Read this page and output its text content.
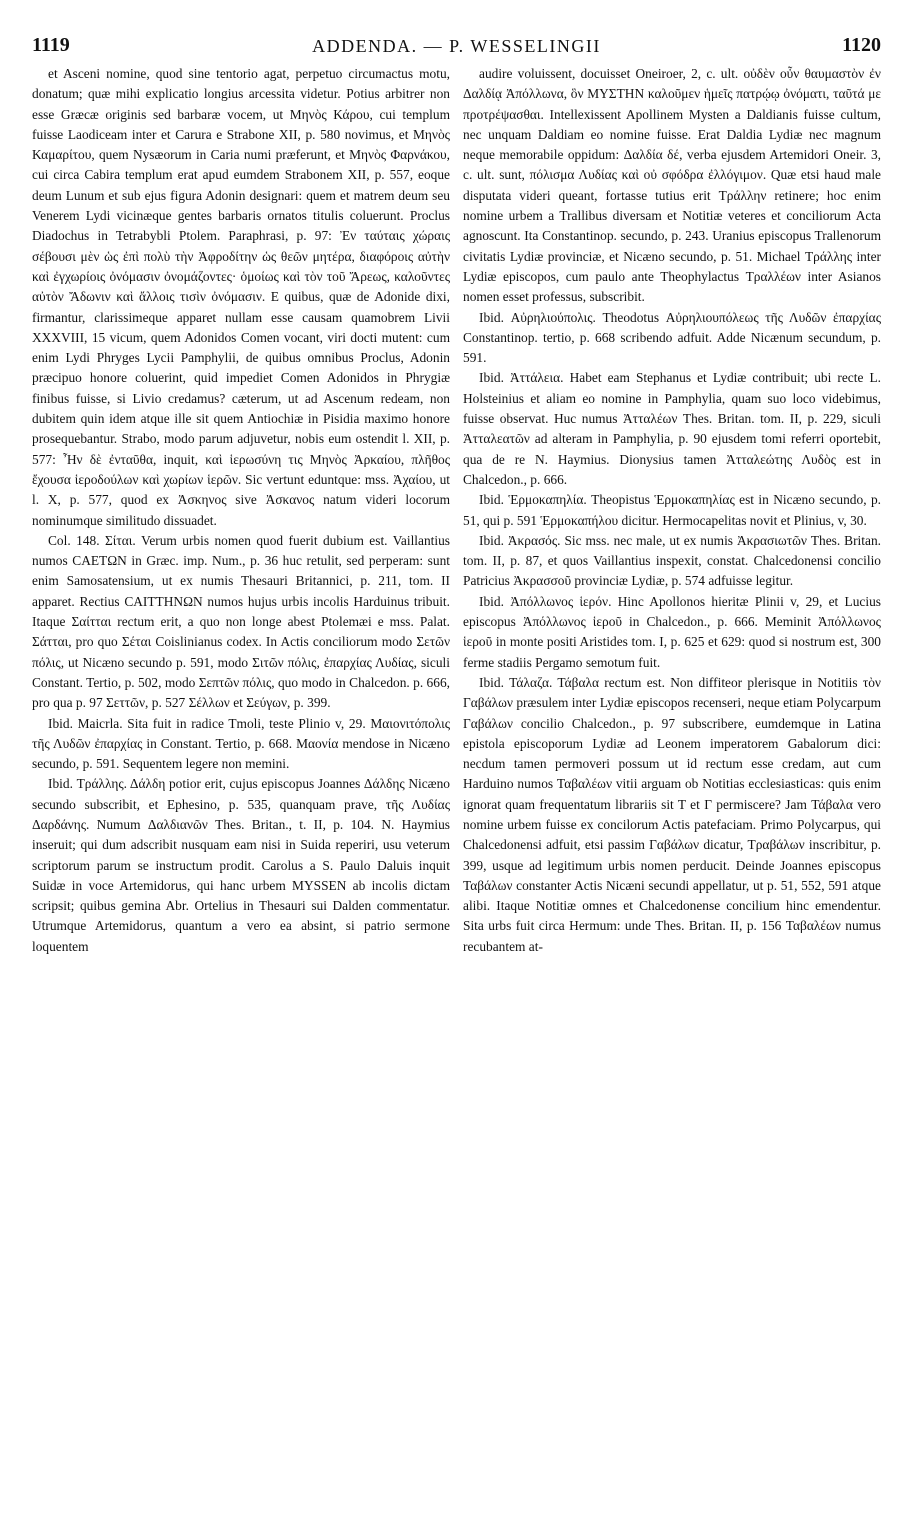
1119	ADDENDA. — P. WESSELINGII	1120

et Asceni nomine, quod sine tentorio agat, perpetuo circumactus motu, donatum; quæ mihi explicatio longius arcessita videtur. Potius arbitrer non esse Græcæ originis sed barbaræ vocem, ut Μηνὸς Κάρου, cui templum fuisse Laodiceam inter et Carura e Strabone XII, p. 580 novimus, et Μηνὸς Καμαρίτου, quem Nysæorum in Caria numi præferunt, et Μηνὸς Φαρνάκου, cui circa Cabira templum erat apud eumdem Strabonem XII, p. 557, eoque deum Lunum et sub ejus figura Adonin designari: quem et matrem deum seu Venerem Lydi vicinæque gentes barbaris ornatos titulis coluerunt. Proclus Diadochus in Tetrabybli Ptolem. Paraphrasi, p. 97: Ἐν ταύταις χώραις σέβουσι μὲν ὡς ἐπὶ πολὺ τὴν Ἀφροδίτην ὡς θεῶν μητέρα, διαφόροις αὐτὴν καὶ ἐγχωρίοις ὀνόμασιν ὀνομάζοντες· ὁμοίως καὶ τὸν τοῦ Ἄρεως, καλοῦντες αὐτὸν Ἄδωνιν καὶ ἄλλοις τισὶν ὀνόμασιν. E quibus, quæ de Adonide dixi, firmantur, clarissimeque apparet nullam esse causam quamobrem Livii XXXVIII, 15 vicum, quem Adonidos Comen vocant, viri docti mutent: cum enim Lydi Phryges Lycii Pamphylii, de quibus omnibus Proclus, Adonin præcipuo honore coluerint, quid impediet Comen Adonidos in Phrygiæ finibus fuisse, si Livio credamus? cæterum, ut ad Ascenum redeam, non dubitem quin idem atque ille sit quem Antiochiæ in Pisidia maximo honore prosequebantur. Strabo, modo parum adjuvetur, nobis eum ostendit l. XII, p. 577: Ἦν δὲ ἐνταῦθα, inquit, καὶ ἱερωσύνη τις Μηνὸς Ἀρκαίου, πλῆθος ἔχουσα ἱεροδούλων καὶ χωρίων ἱερῶν. Sic vertunt eduntque: mss. Ἀχαίου, ut l. X, p. 577, quod ex Ἀσκηνος sive Ἀσκανος natum videri locorum nominumque similitudo dissuadet.

Col. 148. Σίται. Verum urbis nomen quod fuerit dubium est. Vaillantius numos CAETΩN in Græc. imp. Num., p. 36 huc retulit, sed perperam: sunt enim Samosatensium, ut ex numis Thesauri Britannici, p. 211, tom. II apparet. Rectius CAITTHNΩN numos hujus urbis incolis Harduinus tribuit. Itaque Σαίτται rectum erit, a quo non longe abest Ptolemæi e mss. Palat. Σάτται, pro quo Σέται Coislinianus codex. In Actis conciliorum modo Σετῶν πόλις, ut Nicæno secundo p. 591, modo Σιτῶν πόλις, ἐπαρχίας Λυδίας, siculi Constant. Tertio, p. 502, modo Σεπτῶν πόλις, quo modo in Chalcedon. p. 666, pro qua p. 97 Σεττῶν, p. 527 Σέλλων et Σεύγων, p. 399.

Ibid. Maicrla. Sita fuit in radice Tmoli, teste Plinio v, 29. Μαιονιτόπολις τῆς Λυδῶν ἐπαρχίας in Constant. Tertio, p. 668. Μαονία mendose in Nicæno secundo, p. 591. Sequentem legere non memini.

Ibid. Τράλλης. Δάλδη potior erit, cujus episcopus Joannes Δάλδης Nicæno secundo subscribit, et Ephesino, p. 535, quanquam prave, τῆς Λυδίας Δαρδάνης. Numum Δαλδιανῶν Thes. Britan., t. II, p. 104. N. Haymius inseruit; qui dum adscribit nusquam eam nisi in Suida reperiri, usu veterum scriptorum parum se instructum prodit. Carolus a S. Paulo Daluis inquit Suidæ in voce Artemidorus, qui hanc urbem MYSSEN ab incolis dictam scripsit; quibus gemina Abr. Ortelius in Thesauri sui Dalden commentatur. Utrumque Artemidorus, quantum a vero ea absint, si patrio sermone loquentem

audire voluissent, docuisset Oneiroer, 2, c. ult. οὐδὲν οὖν θαυμαστὸν ἐν Δαλδίᾳ Ἀπόλλωνα, ὃν ΜΥΣΤΗΝ καλοῦμεν ἡμεῖς πατρῴῳ ὀνόματι, ταῦτά με προτρέψασθαι. Intellexissent Apollinem Mysten a Daldianis fuisse cultum, nec unquam Daldiam eo nomine fuisse. Erat Daldia Lydiæ nec magnum neque memorabile oppidum: Δαλδία δέ, verba ejusdem Artemidori Oneir. 3, c. ult. sunt, πόλισμα Λυδίας καὶ οὐ σφόδρα ἐλλόγιμον. Quæ etsi haud male disputata videri queant, fortasse tutius erit Τράλλην retinere; hoc enim nomine urbem a Trallibus diversam et Notitiæ veteres et conciliorum Acta agnoscunt. Ita Constantinop. secundo, p. 243. Uranius episcopus Trallenorum civitatis Lydiæ provinciæ, et Nicæno secundo, p. 51. Michael Τράλλης inter Lydiæ episcopos, cum paulo ante Theophylactus Τραλλέων inter Asianos nomen esset professus, subscribit.

Ibid. Αὐρηλιούπολις. Theodotus Αὐρηλιουπόλεως τῆς Λυδῶν ἐπαρχίας Constantinop. tertio, p. 668 scribendo adfuit. Adde Nicænum secundum, p. 591.

Ibid. Ἀττάλεια. Habet eam Stephanus et Lydiæ contribuit; ubi recte L. Holsteinius et aliam eo nomine in Pamphylia, quam suo loco videbimus, fuisse observat. Huc numus Ἀτταλέων Thes. Britan. tom. II, p. 229, siculi Ἀτταλεατῶν ad alteram in Pamphylia, p. 90 ejusdem tomi referri oportebit, qua de re N. Haymius. Dionysius tamen Ἀτταλεώτης Λυδὸς est in Chalcedon., p. 666.

Ibid. Ἑρμοκαπηλία. Theopistus Ἑρμοκαπηλίας est in Nicæno secundo, p. 51, qui p. 591 Ἑρμοκαπήλου dicitur. Hermocapelitas novit et Plinius, v, 30.

Ibid. Ἀκρασός. Sic mss. nec male, ut ex numis Ἀκρασιωτῶν Thes. Britan. tom. II, p. 87, et quos Vaillantius inspexit, constat. Chalcedonensi concilio Patricius Ἀκρασσοῦ provinciæ Lydiæ, p. 574 adfuisse legitur.

Ibid. Ἀπόλλωνος ἱερόν. Hinc Apollonos hieritæ Plinii v, 29, et Lucius episcopus Ἀπόλλωνος ἱεροῦ in Chalcedon., p. 666. Meminit Ἀπόλλωνος ἱεροῦ in monte positi Aristides tom. I, p. 625 et 629: quod si nostrum est, 300 ferme stadiis Pergamo semotum fuit.

Ibid. Τάλαζα. Τάβαλα rectum est. Non diffiteor plerisque in Notitiis τὸν Γαβάλων præsulem inter Lydiæ episcopos recenseri, neque etiam Polycarpum Γαβάλων concilio Chalcedon., p. 97 subscribere, eumdemque in Latina epistola episcoporum Lydiæ ad Leonem imperatorem Gabalorum dici: necdum tamen permoveri possum ut id rectum esse credam, aut cum Harduino numos Ταβαλέων vitii arguam ob Notitias ecclesiasticas: quis enim ignorat quam frequentatum librariis sit T et Γ permiscere? Jam Τάβαλα vero nomine urbem fuisse ex concilorum Actis patefaciam. Primo Polycarpus, qui Chalcedonensi adfuit, etsi passim Γαβάλων dicatur, Τραβάλων inscribitur, p. 399, usque ad legitimum urbis nomen perducit. Deinde Joannes episcopus Ταβάλων constanter Actis Nicæni secundi appellatur, ut p. 51, 552, 591 atque alibi. Itaque Notitiæ omnes et Chalcedonense concilium hinc emendentur. Sita urbs fuit circa Hermum: unde Thes. Britan. II, p. 156 Ταβαλέων numus recubantem at-
